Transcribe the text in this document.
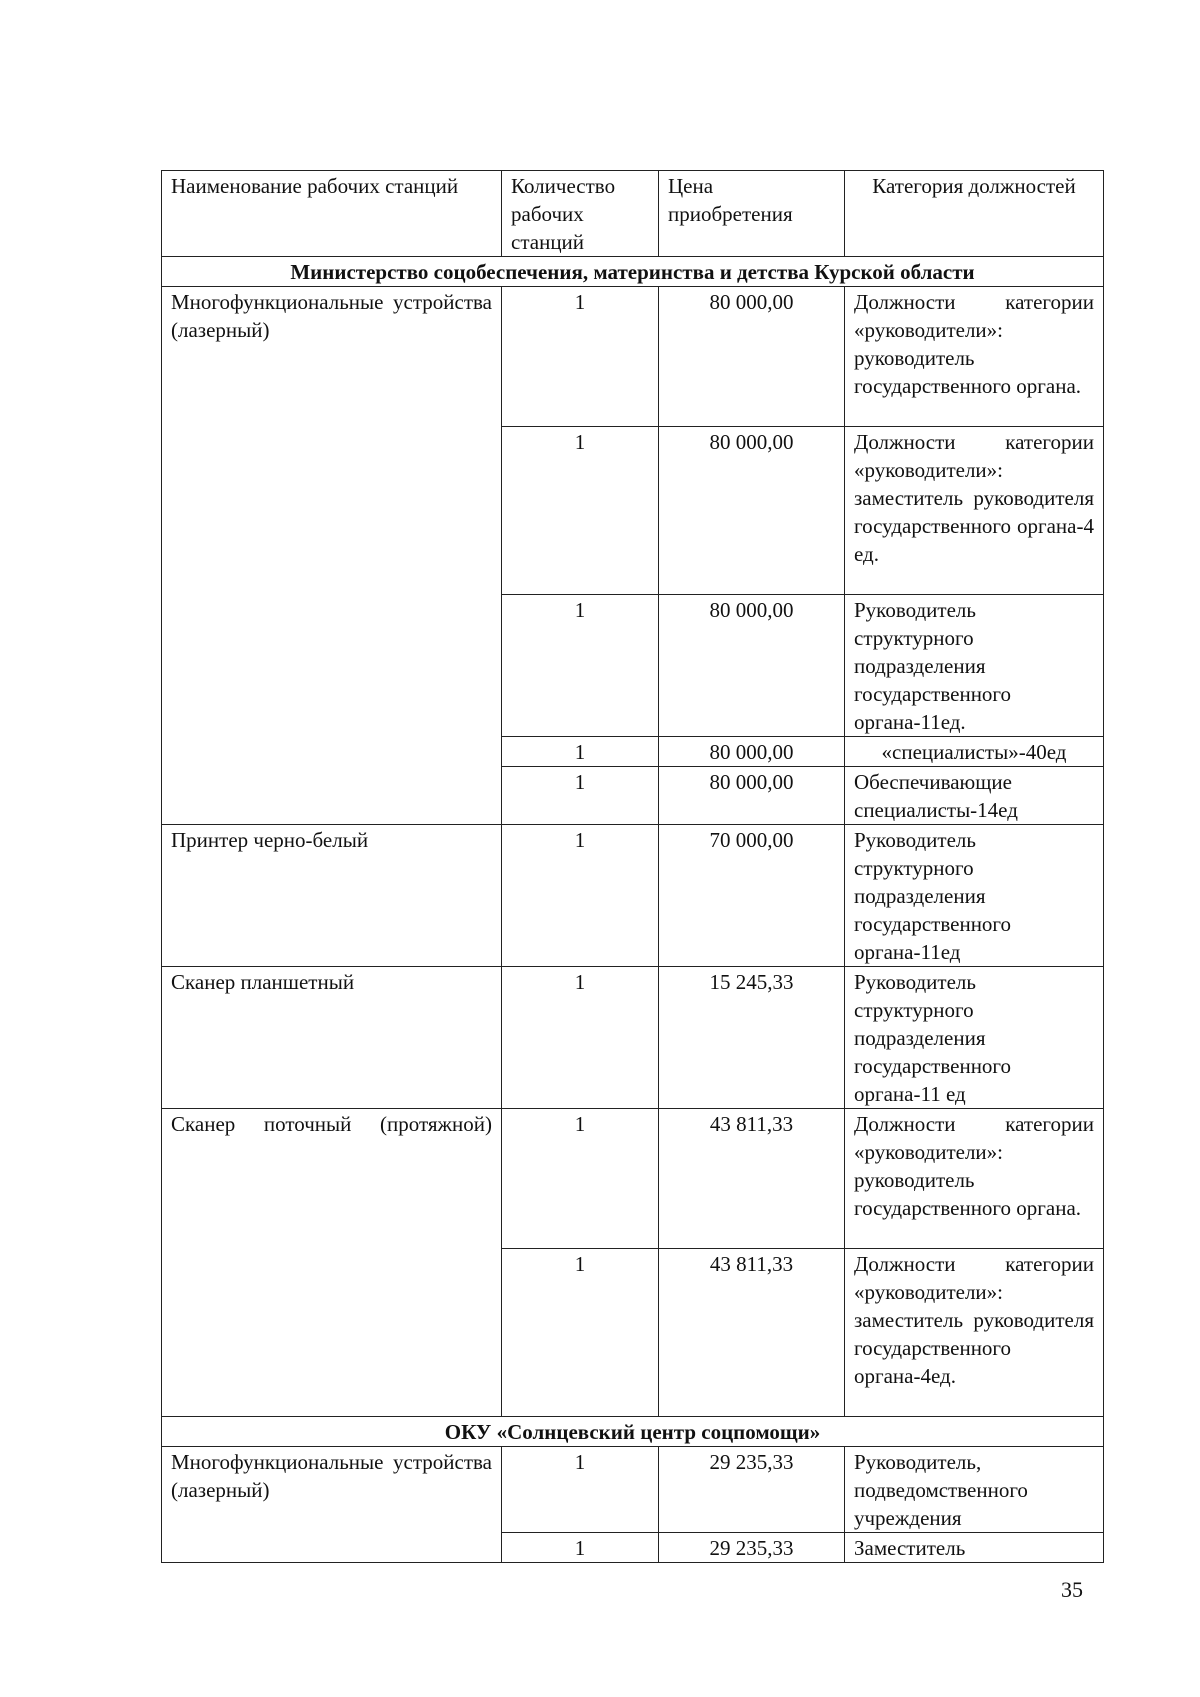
Наименование рабочих станций	Количество рабочих станций	Цена приобретения	Категория должностей
Министерство соцобеспечения, материнства и детства Курской области			
Многофункциональные устройства (лазерный)	1	80 000,00	Должности категории «руководители»: руководитель государственного органа.
	1	80 000,00	Должности категории «руководители»: заместитель руководителя государственного органа-4 ед.
	1	80 000,00	Руководитель структурного подразделения государственного органа-11ед.
	1	80 000,00	«специалисты»-40ед
	1	80 000,00	Обеспечивающие специалисты-14ед
Принтер черно-белый	1	70 000,00	Руководитель структурного подразделения государственного органа-11ед
Сканер планшетный	1	15 245,33	Руководитель структурного подразделения государственного органа-11 ед
Сканер поточный (протяжной)	1	43 811,33	Должности категории «руководители»: руководитель государственного органа.
	1	43 811,33	Должности категории «руководители»: заместитель руководителя государственного органа-4ед.
ОКУ «Солнцевский центр соцпомощи»			
Многофункциональные устройства (лазерный)	1	29 235,33	Руководитель, подведомственного учреждения
	1	29 235,33	Заместитель
35
